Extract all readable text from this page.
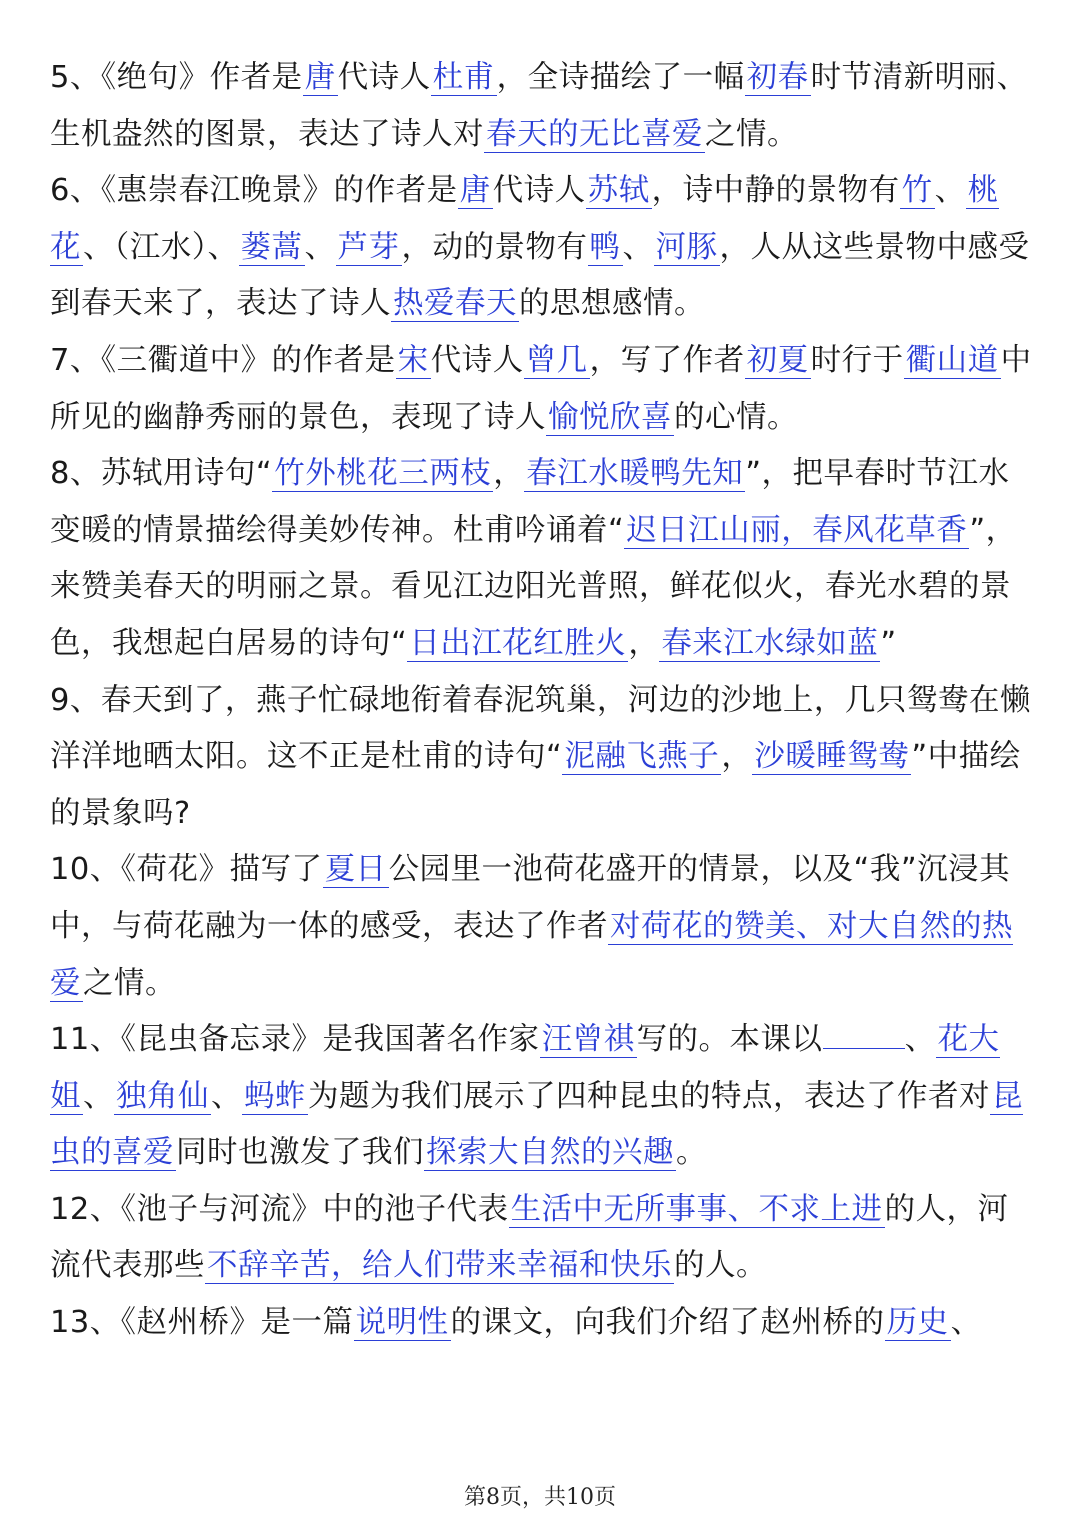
5、《绝句》作者是唐代诗人杜甫，全诗描绘了一幅初春时节清新明丽、生机盎然的图景，表达了诗人对春天的无比喜爱之情。

6、《惠崇春江晚景》的作者是唐代诗人苏轼，诗中静的景物有竹、桃花、（江水）、蒌蒿、芦芽，动的景物有鸭、河豚，人从这些景物中感受到春天来了，表达了诗人热爱春天的思想感情。

7、《三衢道中》的作者是宋代诗人曾几，写了作者初夏时行于衢山道中所见的幽静秀丽的景色，表现了诗人愉悦欣喜的心情。

8、苏轼用诗句“竹外桃花三两枝，春江水暖鸭先知”，把早春时节江水变暖的情景描绘得美妙传神。杜甫吟诵着“迟日江山丽，春风花草香”，来赞美春天的明丽之景。看见江边阳光普照，鲜花似火，春光水碧的景色，我想起白居易的诗句“日出江花红胜火，春来江水绿如蓝”

9、春天到了，燕子忙碌地衔着春泥筑巢，河边的沙地上，几只鸳鸯在懒洋洋地晒太阳。这不正是杜甫的诗句“泥融飞燕子，沙暖睡鸳鸯”中描绘的景象吗?

10、《荷花》描写了夏日公园里一池荷花盛开的情景，以及“我”沉浸其中，与荷花融为一体的感受，表达了作者对荷花的赞美、对大自然的热爱之情。

11、《昆虫备忘录》是我国著名作家汪曾祺写的。本课以	、花大姐、独角仙、蚂蚱为题为我们展示了四种昆虫的特点，表达了作者对昆虫的喜爱同时也激发了我们探索大自然的兴趣。

12、《池子与河流》中的池子代表生活中无所事事、不求上进的人，河流代表那些不辞辛苦，给人们带来幸福和快乐的人。

13、《赵州桥》是一篇说明性的课文，向我们介绍了赵州桥的历史、

第8页，共10页
